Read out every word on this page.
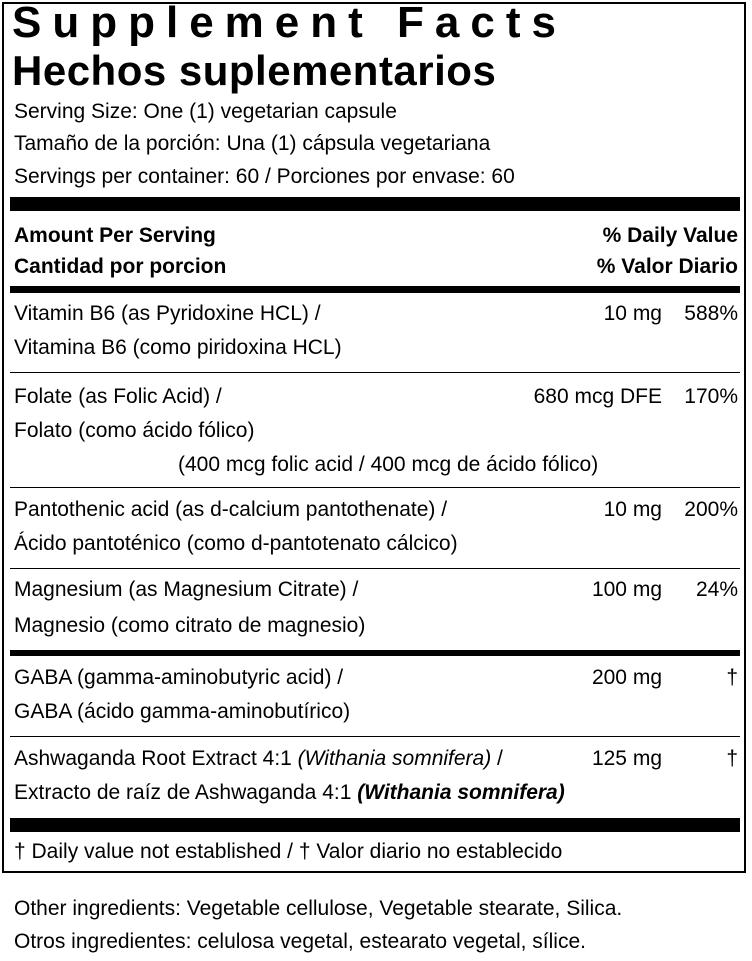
Supplement Facts
Hechos suplementarios
Serving Size: One (1) vegetarian capsule
Tamaño de la porción: Una (1) cápsula vegetariana
Servings per container: 60 / Porciones por envase: 60
Amount Per Serving
Cantidad por porcion
% Daily Value
% Valor Diario
Vitamin B6 (as Pyridoxine HCL) /
Vitamina B6 (como piridoxina HCL)
10 mg 588%
Folate (as Folic Acid) /
Folato (como ácido fólico)
(400 mcg folic acid / 400 mcg de ácido fólico)
680 mcg DFE 170%
Pantothenic acid (as d-calcium pantothenate) /
Ácido pantoténico (como d-pantotenato cálcico)
10 mg 200%
Magnesium (as Magnesium Citrate) /
Magnesio (como citrato de magnesio)
100 mg 24%
GABA (gamma-aminobutyric acid) /
GABA (ácido gamma-aminobutírico)
200 mg	†
Ashwaganda Root Extract 4:1 (Withania somnifera) /
Extracto de raíz de Ashwaganda 4:1 (Withania somnifera)
125 mg	†
† Daily value not established / † Valor diario no establecido
Other ingredients: Vegetable cellulose, Vegetable stearate, Silica.
Otros ingredientes: celulosa vegetal, estearato vegetal, sílice.
